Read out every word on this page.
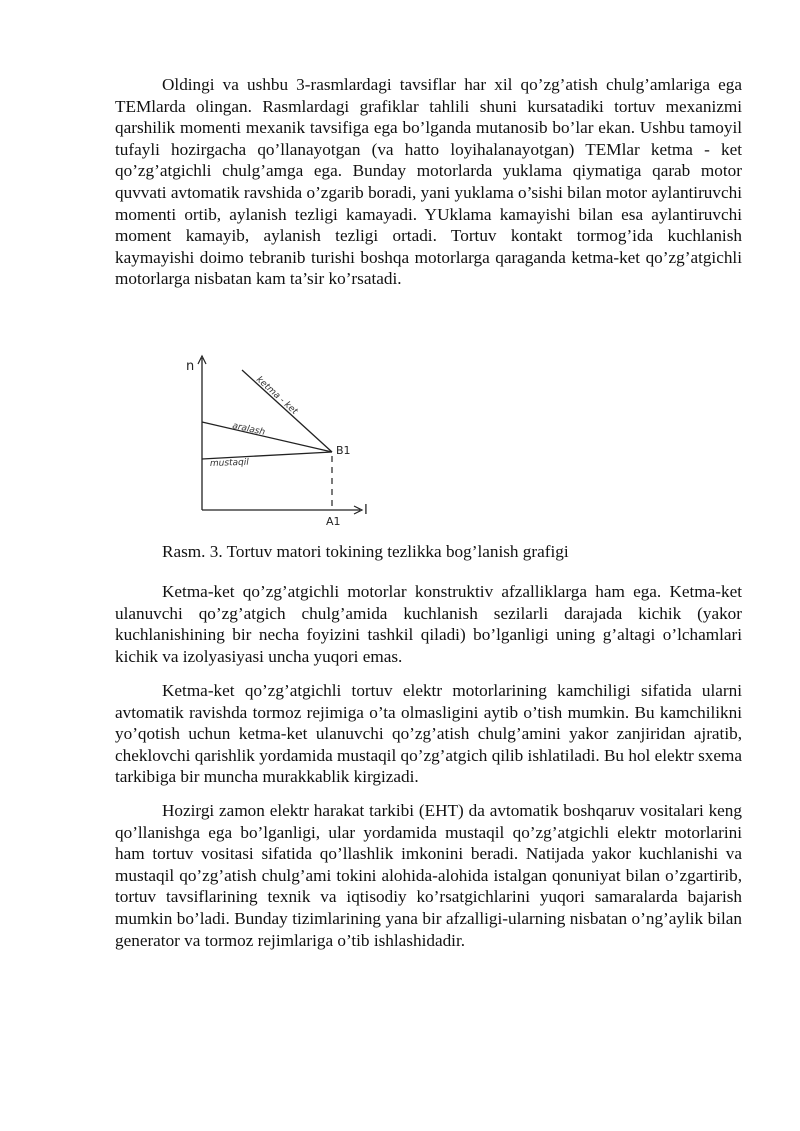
Oldingi va ushbu 3-rasmlardagi tavsiflar har xil qo’zg’atish chulg’amlariga ega TEMlarda olingan. Rasmlardagi grafiklar tahlili shuni kursatadiki tortuv mexanizmi qarshilik momenti mexanik tavsifiga ega bo’lganda mutanosib bo’lar ekan. Ushbu tamoyil tufayli hozirgacha qo’llanayotgan (va hatto loyihalanayotgan) TEMlar ketma - ket qo’zg’atgichli chulg’amga ega. Bunday motorlarda yuklama qiymatiga qarab motor quvvati avtomatik ravshida o’zgarib boradi, yani yuklama o’sishi bilan motor aylantiruvchi momenti ortib, aylanish tezligi kamayadi. YUklama kamayishi bilan esa aylantiruvchi moment kamayib, aylanish tezligi ortadi. Tortuv kontakt tormog’ida kuchlanish kaymayishi doimo tebranib turishi boshqa motorlarga qaraganda ketma-ket qo’zg’atgichli motorlarga nisbatan kam ta’sir ko’rsatadi.

n
I
ketma - ket
aralash
mustaqil
B1
A1

Rasm. 3. Tortuv matori tokining tezlikka bog’lanish grafigi

Ketma-ket qo’zg’atgichli motorlar konstruktiv afzalliklarga ham ega. Ketma-ket ulanuvchi qo’zg’atgich chulg’amida kuchlanish sezilarli darajada kichik (yakor kuchlanishining bir necha foyizini tashkil qiladi) bo’lganligi uning g’altagi o’lchamlari kichik va izolyasiyasi uncha yuqori emas.

Ketma-ket qo’zg’atgichli tortuv elektr motorlarining kamchiligi sifatida ularni avtomatik ravishda tormoz rejimiga o’ta olmasligini aytib o’tish mumkin. Bu kamchilikni yo’qotish uchun ketma-ket ulanuvchi qo’zg’atish chulg’amini yakor zanjiridan ajratib, cheklovchi qarishlik yordamida mustaqil qo’zg’atgich qilib ishlatiladi. Bu hol elektr sxema tarkibiga bir muncha murakkablik kirgizadi.

Hozirgi zamon elektr harakat tarkibi (EHT) da avtomatik boshqaruv vositalari keng qo’llanishga ega bo’lganligi, ular yordamida mustaqil qo’zg’atgichli elektr motorlarini ham tortuv vositasi sifatida qo’llashlik imkonini beradi. Natijada yakor kuchlanishi va mustaqil qo’zg’atish chulg’ami tokini alohida-alohida istalgan qonuniyat bilan o’zgartirib, tortuv tavsiflarining texnik va iqtisodiy ko’rsatgichlarini yuqori samaralarda bajarish mumkin bo’ladi. Bunday tizimlarining yana bir afzalligi-ularning nisbatan o’ng’aylik bilan generator va tormoz rejimlariga o’tib ishlashidadir.
